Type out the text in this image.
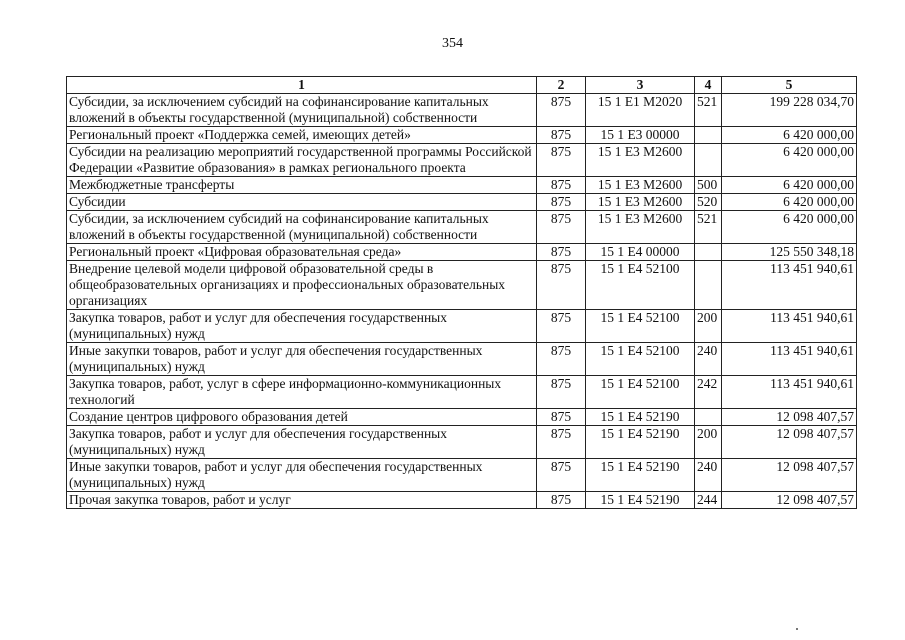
354
1	2	3	4	5
Субсидии, за исключением субсидий на софинансирование капитальных вложений в объекты государственной (муниципальной) собственности	875	15 1 E1 M2020	521	199 228 034,70
Региональный проект «Поддержка семей, имеющих детей»	875	15 1 E3 00000		6 420 000,00
Субсидии на реализацию мероприятий государственной программы Российской Федерации «Развитие образования» в рамках регионального проекта	875	15 1 E3 M2600		6 420 000,00
Межбюджетные трансферты	875	15 1 E3 M2600	500	6 420 000,00
Субсидии	875	15 1 E3 M2600	520	6 420 000,00
Субсидии, за исключением субсидий на софинансирование капитальных вложений в объекты государственной (муниципальной) собственности	875	15 1 E3 M2600	521	6 420 000,00
Региональный проект «Цифровая образовательная среда»	875	15 1 E4 00000		125 550 348,18
Внедрение целевой модели цифровой образовательной среды в общеобразовательных организациях и профессиональных образовательных организациях	875	15 1 E4 52100		113 451 940,61
Закупка товаров, работ и услуг для обеспечения государственных (муниципальных) нужд	875	15 1 E4 52100	200	113 451 940,61
Иные закупки товаров, работ и услуг для обеспечения государственных (муниципальных) нужд	875	15 1 E4 52100	240	113 451 940,61
Закупка товаров, работ, услуг в сфере информационно-коммуникационных технологий	875	15 1 E4 52100	242	113 451 940,61
Создание центров цифрового образования детей	875	15 1 E4 52190		12 098 407,57
Закупка товаров, работ и услуг для обеспечения государственных (муниципальных) нужд	875	15 1 E4 52190	200	12 098 407,57
Иные закупки товаров, работ и услуг для обеспечения государственных (муниципальных) нужд	875	15 1 E4 52190	240	12 098 407,57
Прочая закупка товаров, работ и услуг	875	15 1 E4 52190	244	12 098 407,57
